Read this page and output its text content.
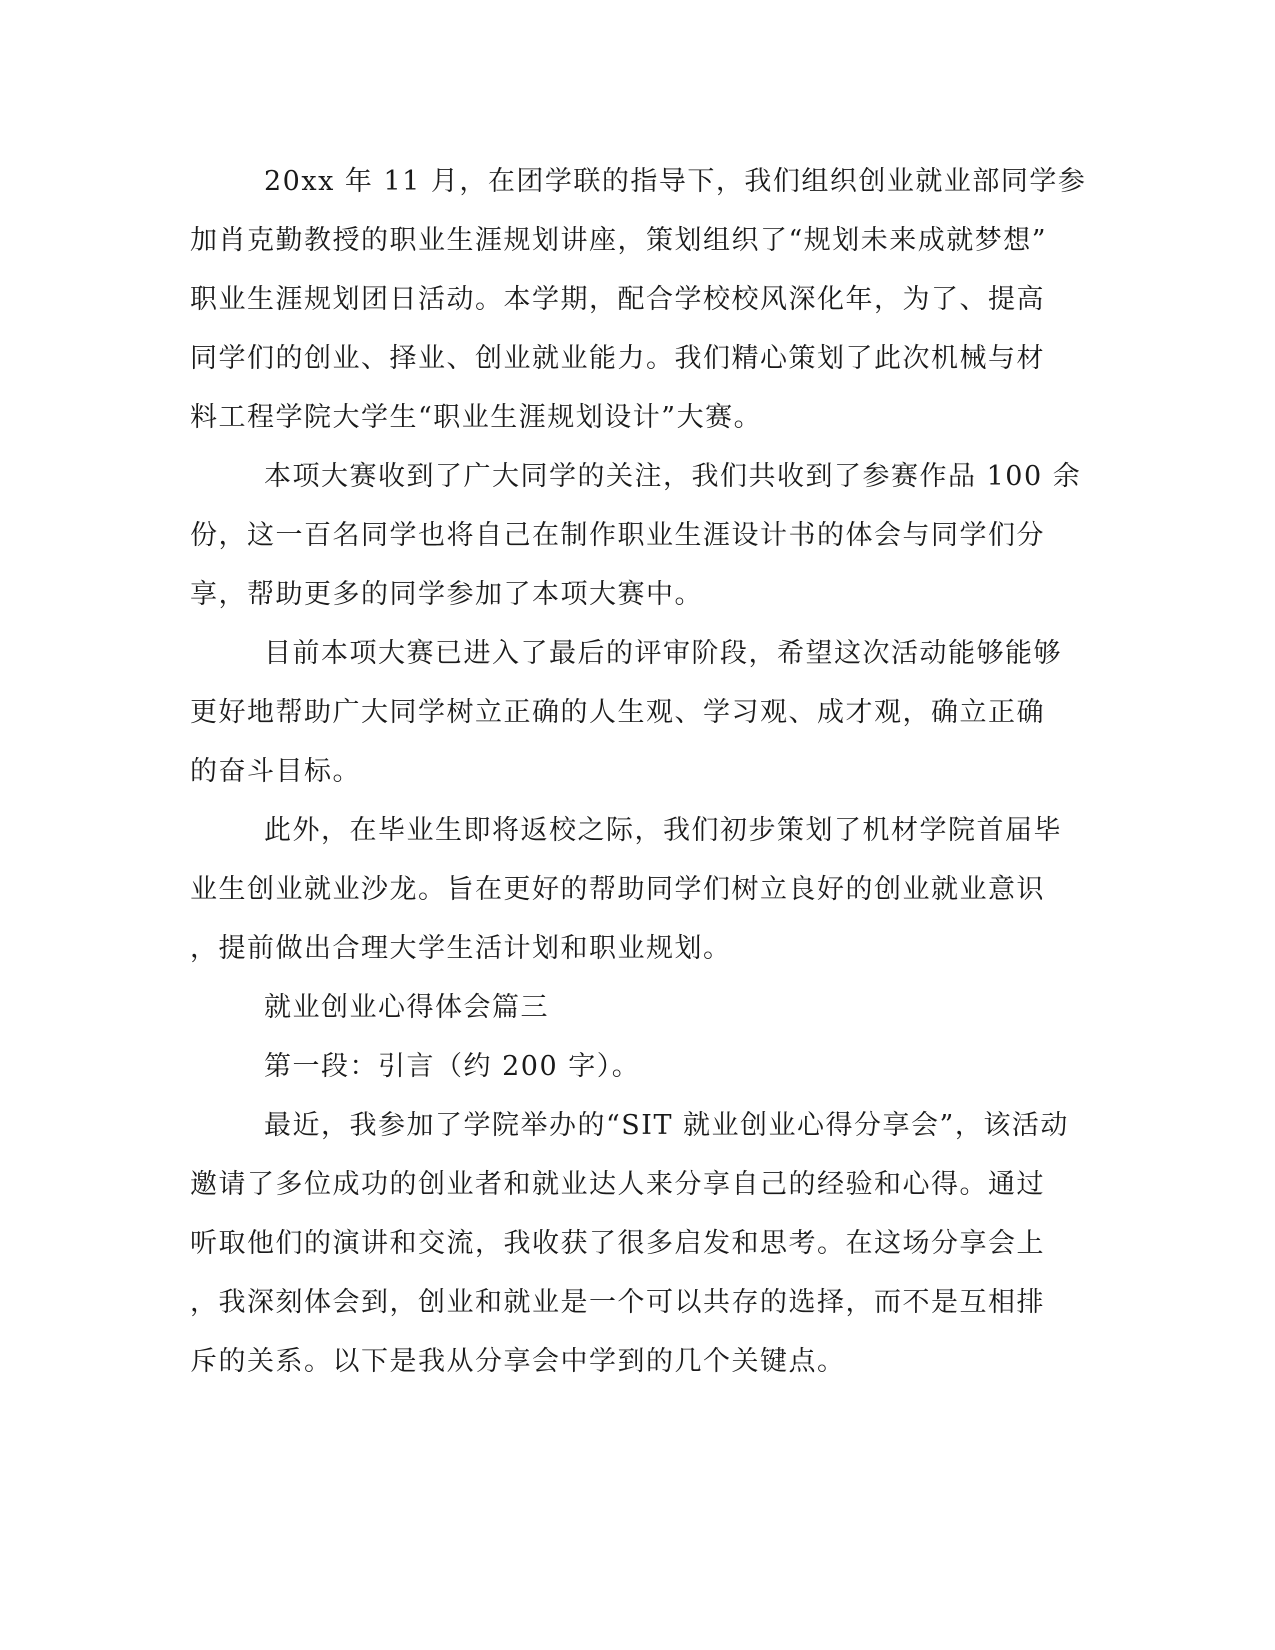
20xx 年 11 月，在团学联的指导下，我们组织创业就业部同学参
加肖克勤教授的职业生涯规划讲座，策划组织了“规划未来成就梦想”
职业生涯规划团日活动。本学期，配合学校校风深化年，为了、提高
同学们的创业、择业、创业就业能力。我们精心策划了此次机械与材
料工程学院大学生“职业生涯规划设计”大赛。
本项大赛收到了广大同学的关注，我们共收到了参赛作品 100 余
份，这一百名同学也将自己在制作职业生涯设计书的体会与同学们分
享，帮助更多的同学参加了本项大赛中。
目前本项大赛已进入了最后的评审阶段，希望这次活动能够能够
更好地帮助广大同学树立正确的人生观、学习观、成才观，确立正确
的奋斗目标。
此外，在毕业生即将返校之际，我们初步策划了机材学院首届毕
业生创业就业沙龙。旨在更好的帮助同学们树立良好的创业就业意识
，提前做出合理大学生活计划和职业规划。
就业创业心得体会篇三
第一段：引言（约 200 字）。
最近，我参加了学院举办的“SIT 就业创业心得分享会”，该活动
邀请了多位成功的创业者和就业达人来分享自己的经验和心得。通过
听取他们的演讲和交流，我收获了很多启发和思考。在这场分享会上
，我深刻体会到，创业和就业是一个可以共存的选择，而不是互相排
斥的关系。以下是我从分享会中学到的几个关键点。
